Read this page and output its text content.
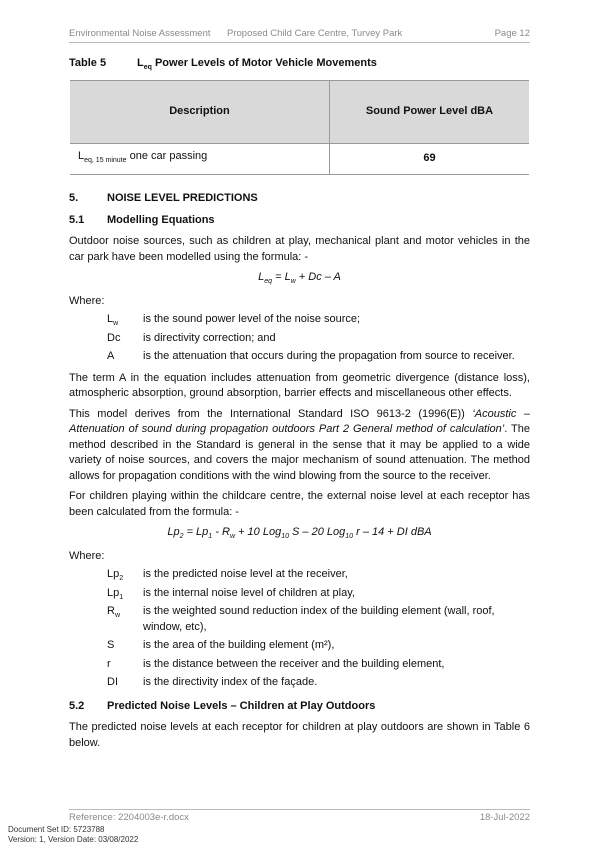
Environmental Noise Assessment Proposed Child Care Centre, Turvey Park	Page 12
Table 5	$L_{eq}$ Power Levels of Motor Vehicle Movements
Description	Sound Power Level dBA
$L_{eq, 15 minute}$ one car passing	69
5.	NOISE LEVEL PREDICTIONS
5.1 Modelling Equations

Outdoor noise sources, such as children at play, mechanical plant and motor vehicles in the car park have been modelled using the formula: -

$L_{eq} = L_w + Dc - A$
Where:
$L_w$ is the sound power level of the noise source;
Dc is directivity correction; and
A	is the attenuation that occurs during the propagation from source to receiver.

The term A in the equation includes attenuation from geometric divergence (distance loss), atmospheric absorption, ground absorption, barrier effects and miscellaneous other effects.

This model derives from the International Standard ISO 9613-2 (1996(E)) ‘Acoustic – Attenuation of sound during propagation outdoors Part 2 General method of calculation’. The method described in the Standard is general in the sense that it may be applied to a wide variety of noise sources, and covers the major mechanism of sound attenuation. The method allows for propagation conditions with the wind blowing from the source to the receiver.

For children playing within the childcare centre, the external noise level at each receptor has been calculated from the formula: -

$Lp_2 = Lp_1 - R_w + 10$ Log$_{10}$ S – 20 Log$_{10}$ r – 14 + DI dBA
Where:
$Lp_2$ is the predicted noise level at the receiver,
$Lp_1$ is the internal noise level of children at play,
$R_w$ is the weighted sound reduction index of the building element (wall, roof, window, etc),
S	is the area of the building element (m²),
r	is the distance between the receiver and the building element,
DI is the directivity index of the façade.
5.2 Predicted Noise Levels – Children at Play Outdoors

The predicted noise levels at each receptor for children at play outdoors are shown in Table 6 below.

Reference: 2204003e-r.docx	18-Jul-2022
Document Set ID: 5723788
Version: 1, Version Date: 03/08/2022
